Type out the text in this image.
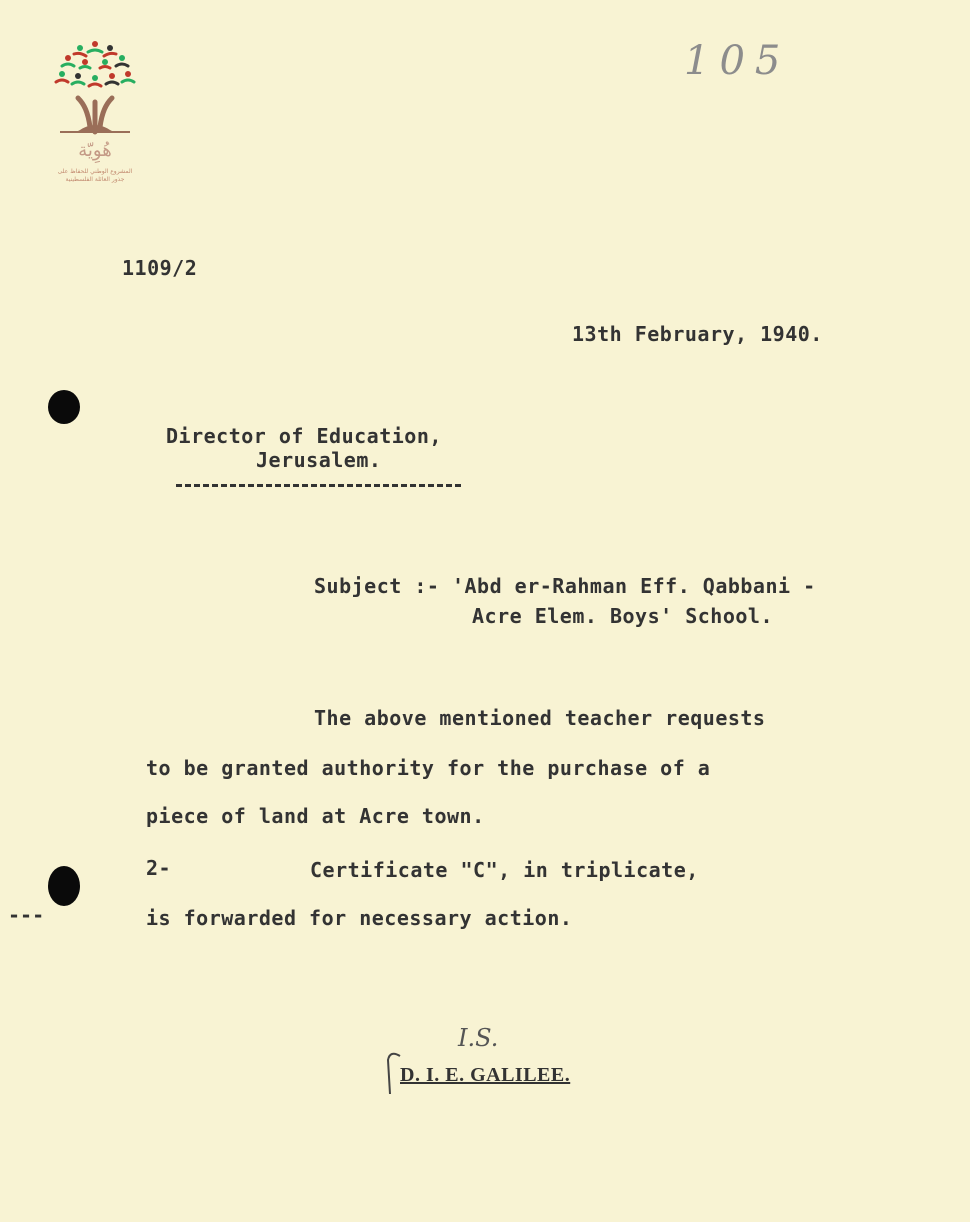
هُوِيّة
المشروع الوطني للحفاظ على
جذور العائلة الفلسطينية
105
1109/2
13th February, 1940.
Director of Education,
Jerusalem.
Subject :- 'Abd er-Rahman Eff. Qabbani -
Acre Elem. Boys' School.
The above mentioned teacher requests
to be granted authority for the purchase of a
piece of land at Acre town.
2-	Certificate "C", in triplicate,
is forwarded for necessary action.
---
I.S.
D. I. E. GALILEE.
